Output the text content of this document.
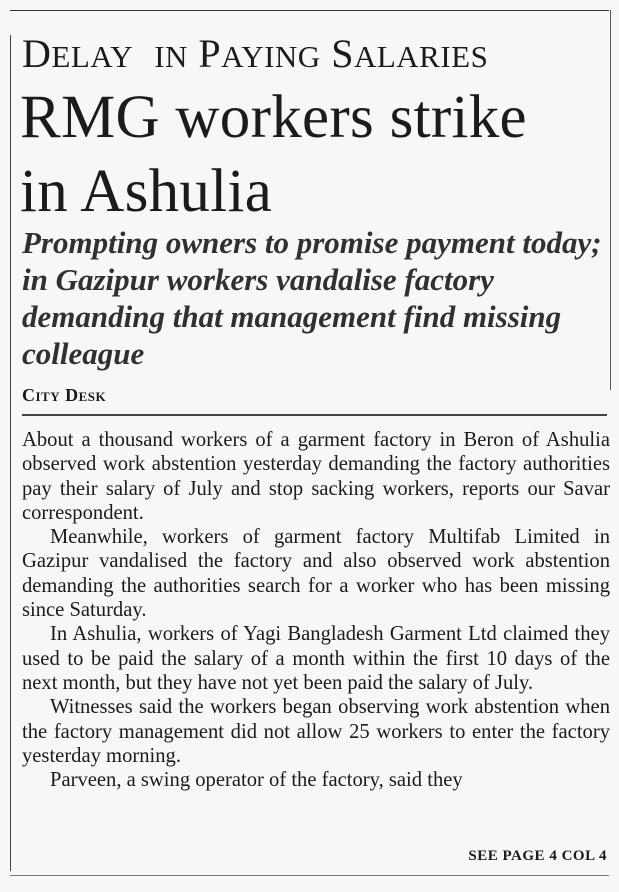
DELAY IN PAYING SALARIES
RMG workers strike
in Ashulia
Prompting owners to promise payment today; in Gazipur workers vandalise factory demanding that management find missing colleague
City Desk

About a thousand workers of a garment factory in Beron of Ashulia observed work abstention yesterday demanding the factory authorities pay their salary of July and stop sacking workers, reports our Savar correspondent.

Meanwhile, workers of garment factory Multifab Limited in Gazipur vandalised the factory and also observed work abstention demanding the authorities search for a worker who has been missing since Saturday.

In Ashulia, workers of Yagi Bangladesh Garment Ltd claimed they used to be paid the salary of a month within the first 10 days of the next month, but they have not yet been paid the salary of July.

Witnesses said the workers began observing work abstention when the factory management did not allow 25 workers to enter the factory yesterday morning.

Parveen, a swing operator of the factory, said they

SEE PAGE 4 COL 4
